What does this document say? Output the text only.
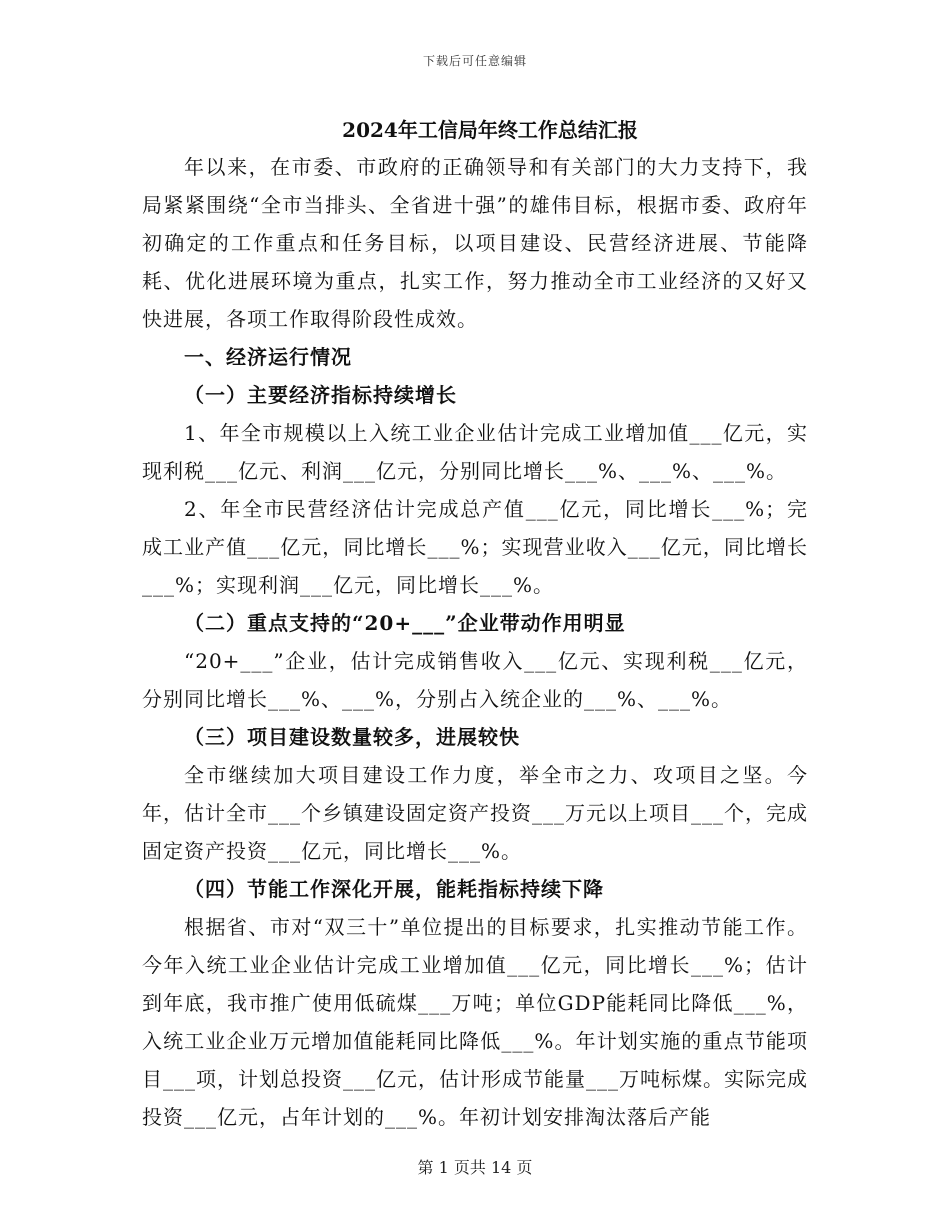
下载后可任意编辑
2024年工信局年终工作总结汇报

年以来，在市委、市政府的正确领导和有关部门的大力支持下，我局紧紧围绕“全市当排头、全省进十强”的雄伟目标，根据市委、政府年初确定的工作重点和任务目标，以项目建设、民营经济进展、节能降耗、优化进展环境为重点，扎实工作，努力推动全市工业经济的又好又快进展，各项工作取得阶段性成效。

一、经济运行情况
（一）主要经济指标持续增长

1、年全市规模以上入统工业企业估计完成工业增加值___亿元，实现利税___亿元、利润___亿元，分别同比增长___%、___%、___%。

2、年全市民营经济估计完成总产值___亿元，同比增长___%；完成工业产值___亿元，同比增长___%；实现营业收入___亿元，同比增长___%；实现利润___亿元，同比增长___%。

（二）重点支持的“20+___”企业带动作用明显

“20+___”企业，估计完成销售收入___亿元、实现利税___亿元，分别同比增长___%、___%，分别占入统企业的___%、___%。

（三）项目建设数量较多，进展较快

全市继续加大项目建设工作力度，举全市之力、攻项目之坚。今年，估计全市___个乡镇建设固定资产投资___万元以上项目___个，完成固定资产投资___亿元，同比增长___%。

（四）节能工作深化开展，能耗指标持续下降

根据省、市对“双三十”单位提出的目标要求，扎实推动节能工作。今年入统工业企业估计完成工业增加值___亿元，同比增长___%；估计到年底，我市推广使用低硫煤___万吨；单位GDP能耗同比降低___%，入统工业企业万元增加值能耗同比降低___%。年计划实施的重点节能项目___项，计划总投资___亿元，估计形成节能量___万吨标煤。实际完成投资___亿元，占年计划的___%。年初计划安排淘汰落后产能

第 1 页共 14 页
